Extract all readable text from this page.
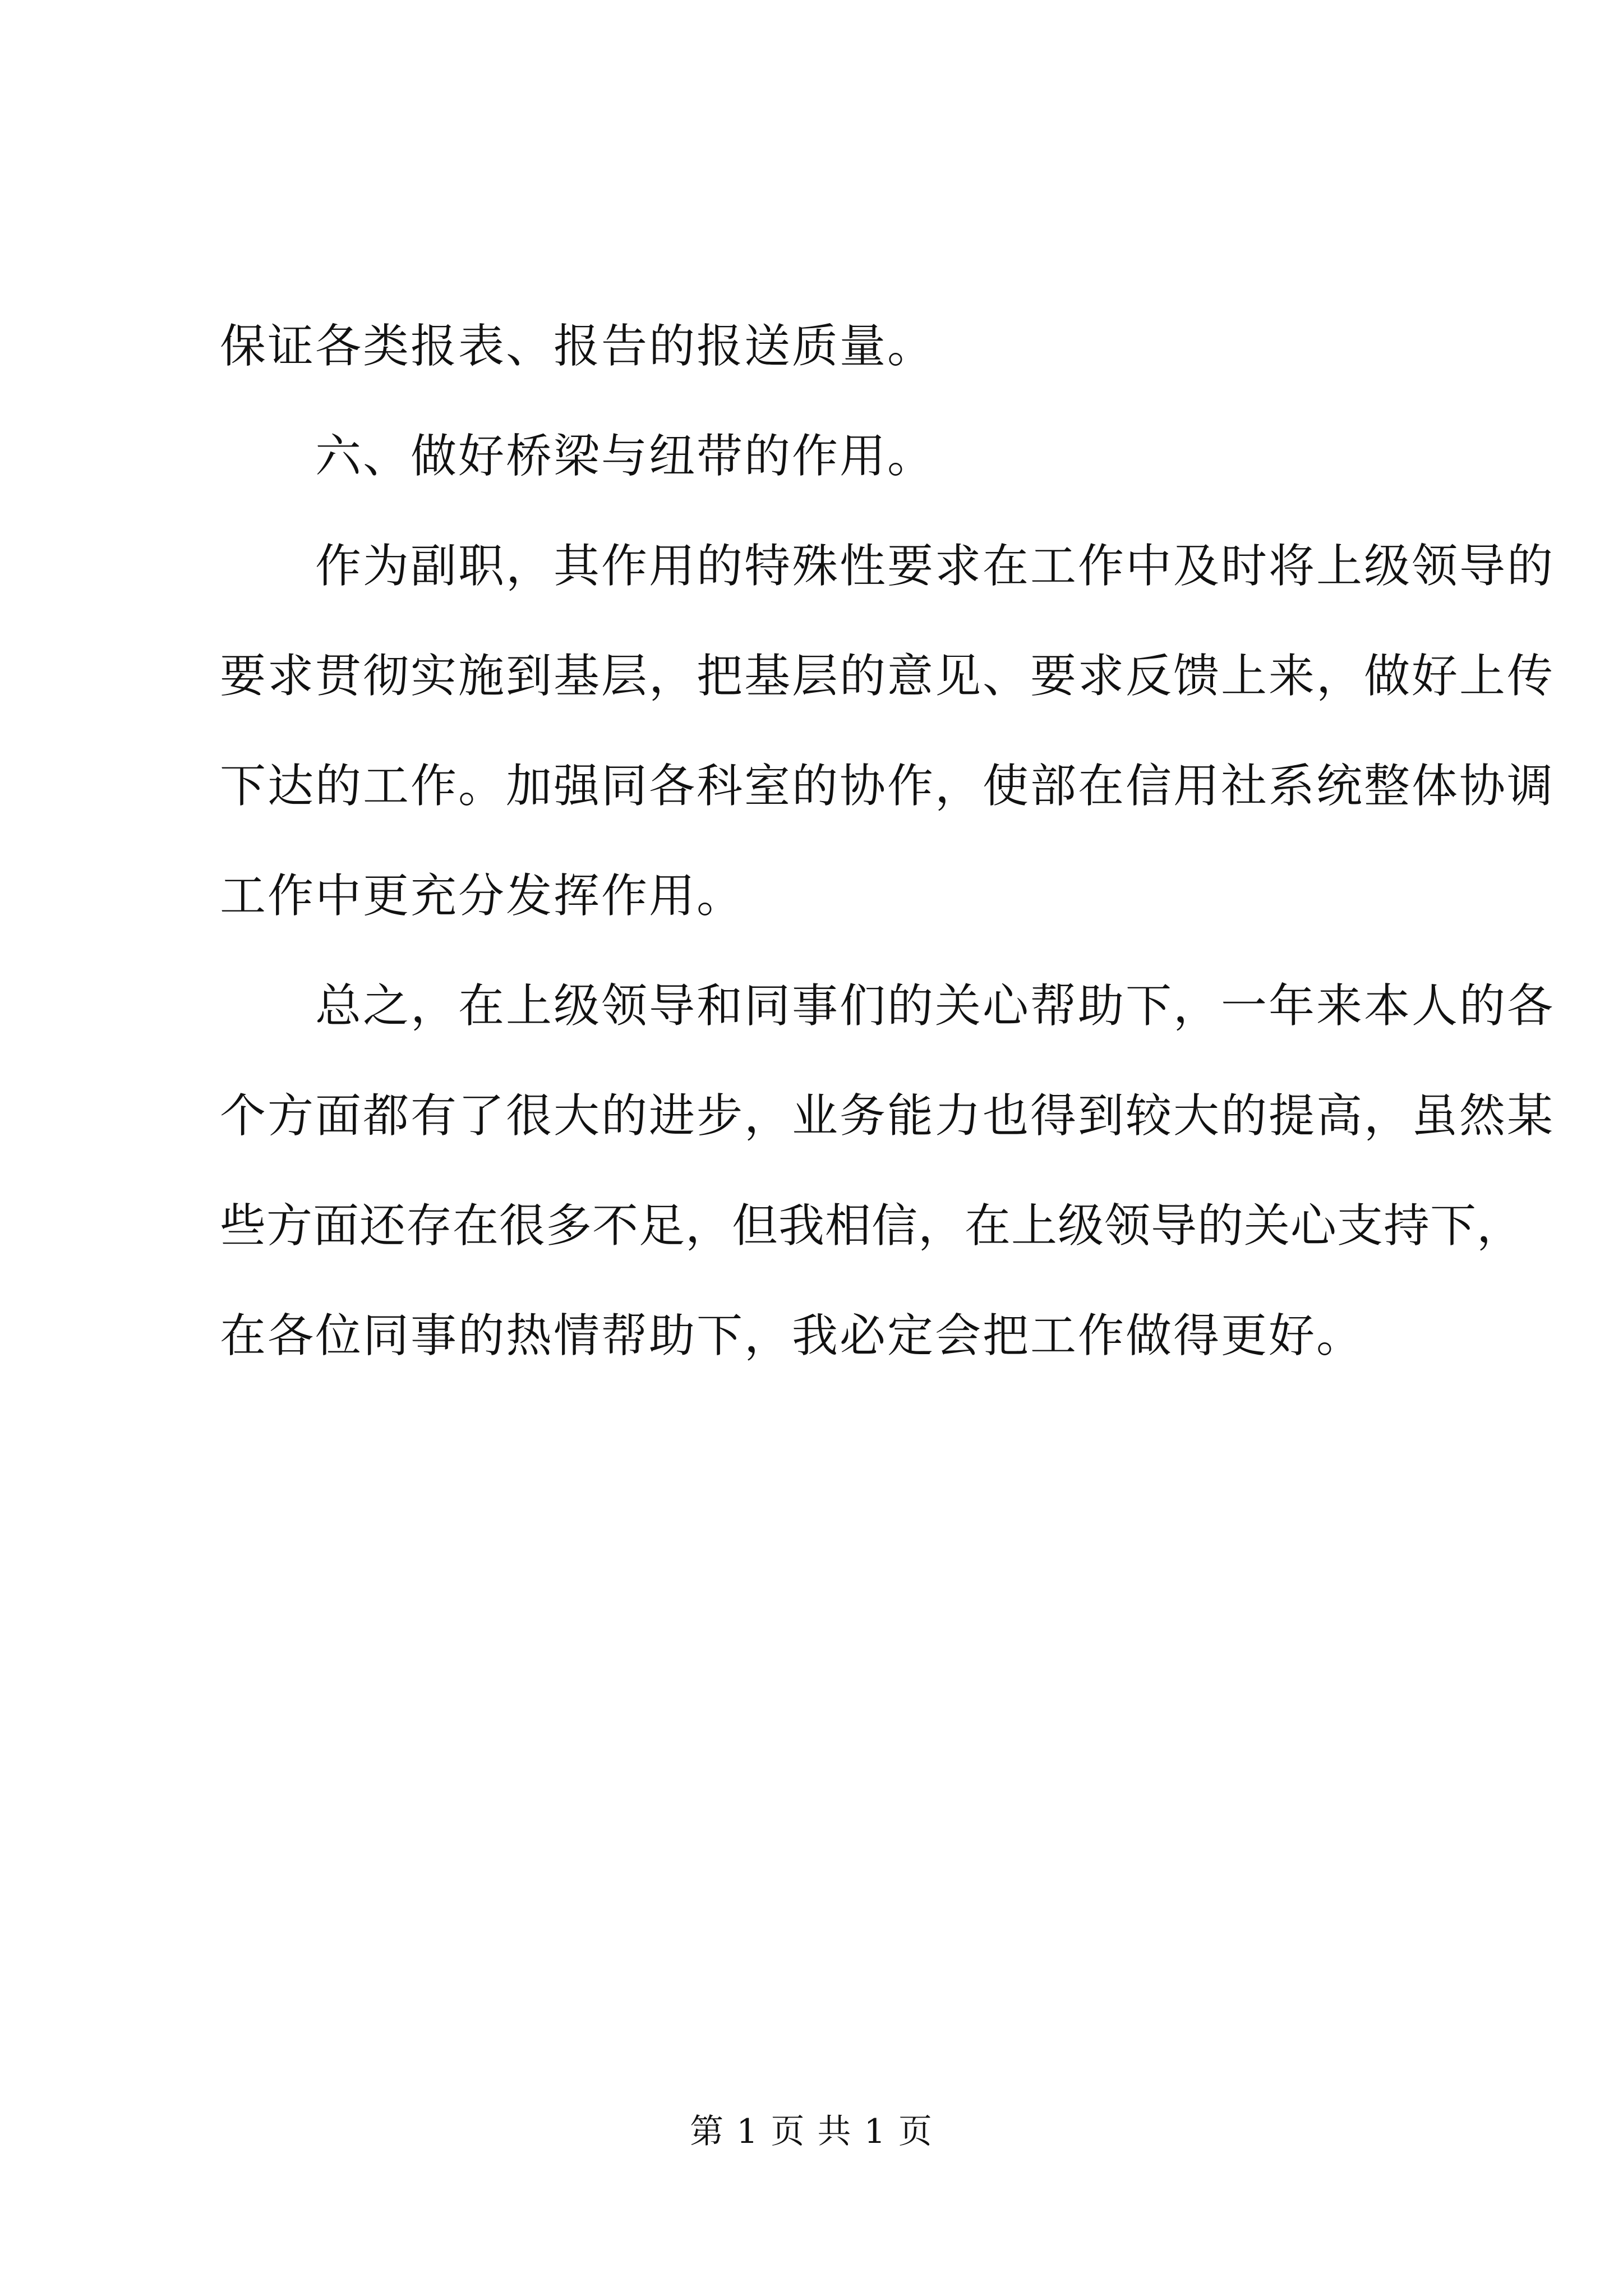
保证各类报表、报告的报送质量。
六、做好桥梁与纽带的作用。
作为副职，其作用的特殊性要求在工作中及时将上级领导的
要求贯彻实施到基层，把基层的意见、要求反馈上来，做好上传
下达的工作。加强同各科室的协作，使部在信用社系统整体协调
工作中更充分发挥作用。
总之，在上级领导和同事们的关心帮助下，一年来本人的各
个方面都有了很大的进步，业务能力也得到较大的提高，虽然某
些方面还存在很多不足，但我相信，在上级领导的关心支持下，
在各位同事的热情帮助下，我必定会把工作做得更好。
第 1 页 共 1 页
